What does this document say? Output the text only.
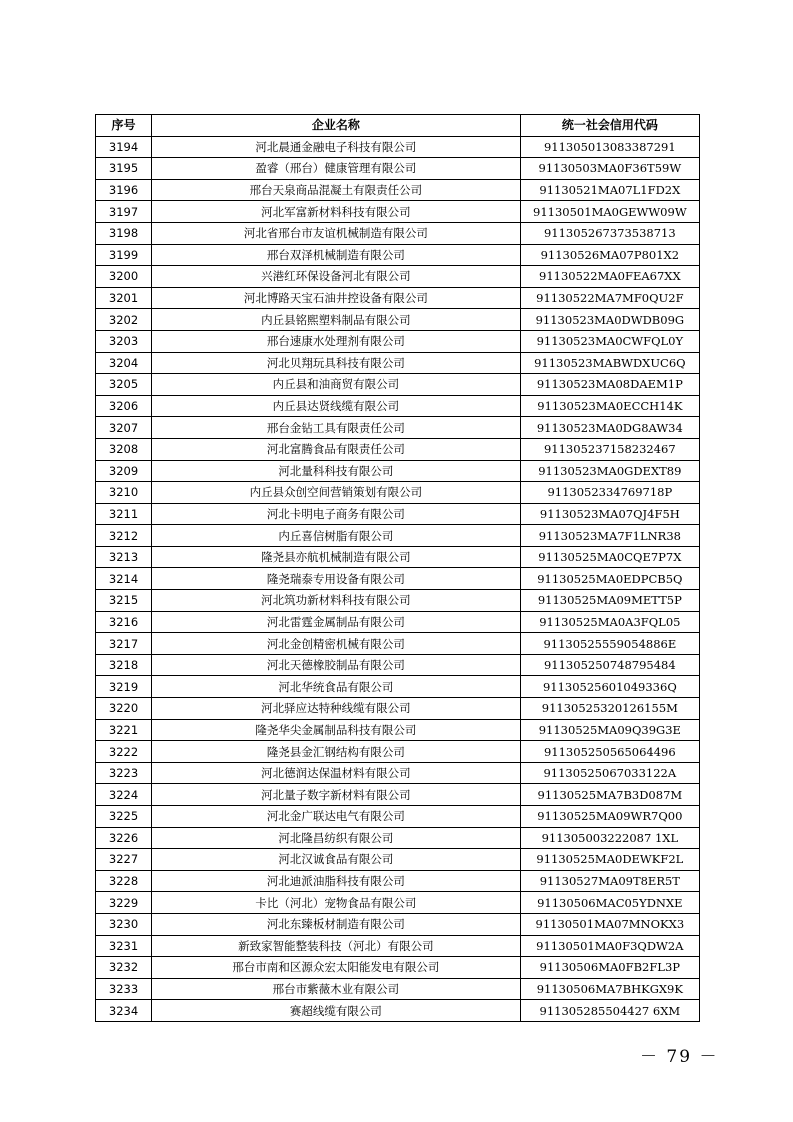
序号	企业名称	统一社会信用代码
3194	河北晨通金融电子科技有限公司	911305013083387291
3195	盈睿（邢台）健康管理有限公司	91130503MA0F36T59W
3196	邢台天泉商品混凝土有限责任公司	91130521MA07L1FD2X
3197	河北军富新材料科技有限公司	91130501MA0GEWW09W
3198	河北省邢台市友谊机械制造有限公司	911305267373538713
3199	邢台双泽机械制造有限公司	91130526MA07P801X2
3200	兴港红环保设备河北有限公司	91130522MA0FEA67XX
3201	河北博路天宝石油井控设备有限公司	91130522MA7MF0QU2F
3202	内丘县铭熙塑料制品有限公司	91130523MA0DWDB09G
3203	邢台速康水处理剂有限公司	91130523MA0CWFQL0Y
3204	河北贝翔玩具科技有限公司	91130523MABWDXUC6Q
3205	内丘县和油商贸有限公司	91130523MA08DAEM1P
3206	内丘县达贤线缆有限公司	91130523MA0ECCH14K
3207	邢台金钻工具有限责任公司	91130523MA0DG8AW34
3208	河北富腾食品有限责任公司	911305237158232467
3209	河北量科科技有限公司	91130523MA0GDEXT89
3210	内丘县众创空间营销策划有限公司	9113052334769718P
3211	河北卡明电子商务有限公司	91130523MA07QJ4F5H
3212	内丘喜信树脂有限公司	91130523MA7F1LNR38
3213	隆尧县亦航机械制造有限公司	91130525MA0CQE7P7X
3214	隆尧瑞泰专用设备有限公司	91130525MA0EDPCB5Q
3215	河北筑功新材料科技有限公司	91130525MA09METT5P
3216	河北雷霆金属制品有限公司	91130525MA0A3FQL05
3217	河北金创精密机械有限公司	91130525559054886E
3218	河北天德橡胶制品有限公司	911305250748795484
3219	河北华统食品有限公司	91130525601049336Q
3220	河北驿应达特种线缆有限公司	91130525320126155M
3221	隆尧华尖金属制品科技有限公司	91130525MA09Q39G3E
3222	隆尧县金汇钢结构有限公司	911305250565064496
3223	河北德润达保温材料有限公司	91130525067033122A
3224	河北量子数字新材料有限公司	91130525MA7B3D087M
3225	河北金广联达电气有限公司	91130525MA09WR7Q00
3226	河北隆昌纺织有限公司	911305003222087 1XL
3227	河北汉诚食品有限公司	91130525MA0DEWKF2L
3228	河北迪派油脂科技有限公司	91130527MA09T8ER5T
3229	卡比（河北）宠物食品有限公司	91130506MAC05YDNXE
3230	河北东臻板材制造有限公司	91130501MA07MNOKX3
3231	新致家智能整装科技（河北）有限公司	91130501MA0F3QDW2A
3232	邢台市南和区源众宏太阳能发电有限公司	91130506MA0FB2FL3P
3233	邢台市紫薇木业有限公司	91130506MA7BHKGX9K
3234	赛超线缆有限公司	911305285504427 6XM
－ 79 －
